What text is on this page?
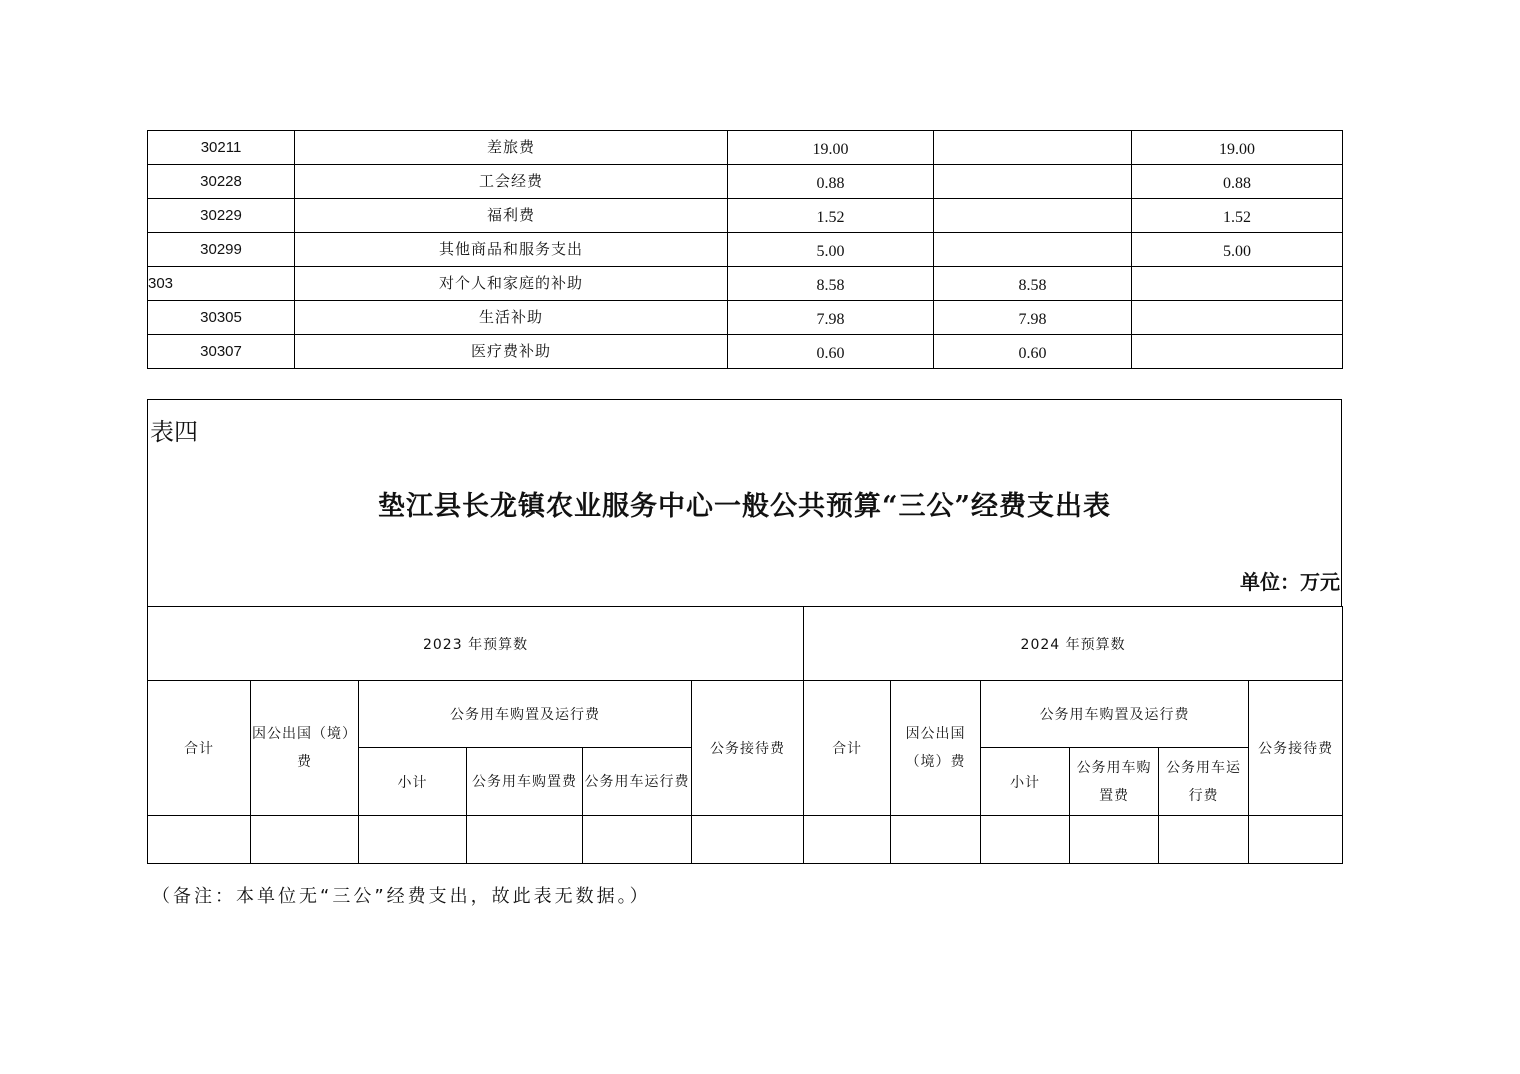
30211	差旅费	19.00		19.00
30228	工会经费	0.88		0.88
30229	福利费	1.52		1.52
30299	其他商品和服务支出	5.00		5.00
303	对个人和家庭的补助	8.58	8.58	
30305	生活补助	7.98	7.98	
30307	医疗费补助	0.60	0.60	
表四
垫江县长龙镇农业服务中心一般公共预算“三公”经费支出表
单位：万元
2023 年预算数						2024 年预算数					
合计	因公出国（境）费	公务用车购置及运行费			公务接待费	合计	因公出国（境）费	公务用车购置及运行费			公务接待费
		小计	公务用车购置费	公务用车运行费				小计	公务用车购置费	公务用车运行费	

（备注：本单位无“三公”经费支出，故此表无数据。）
